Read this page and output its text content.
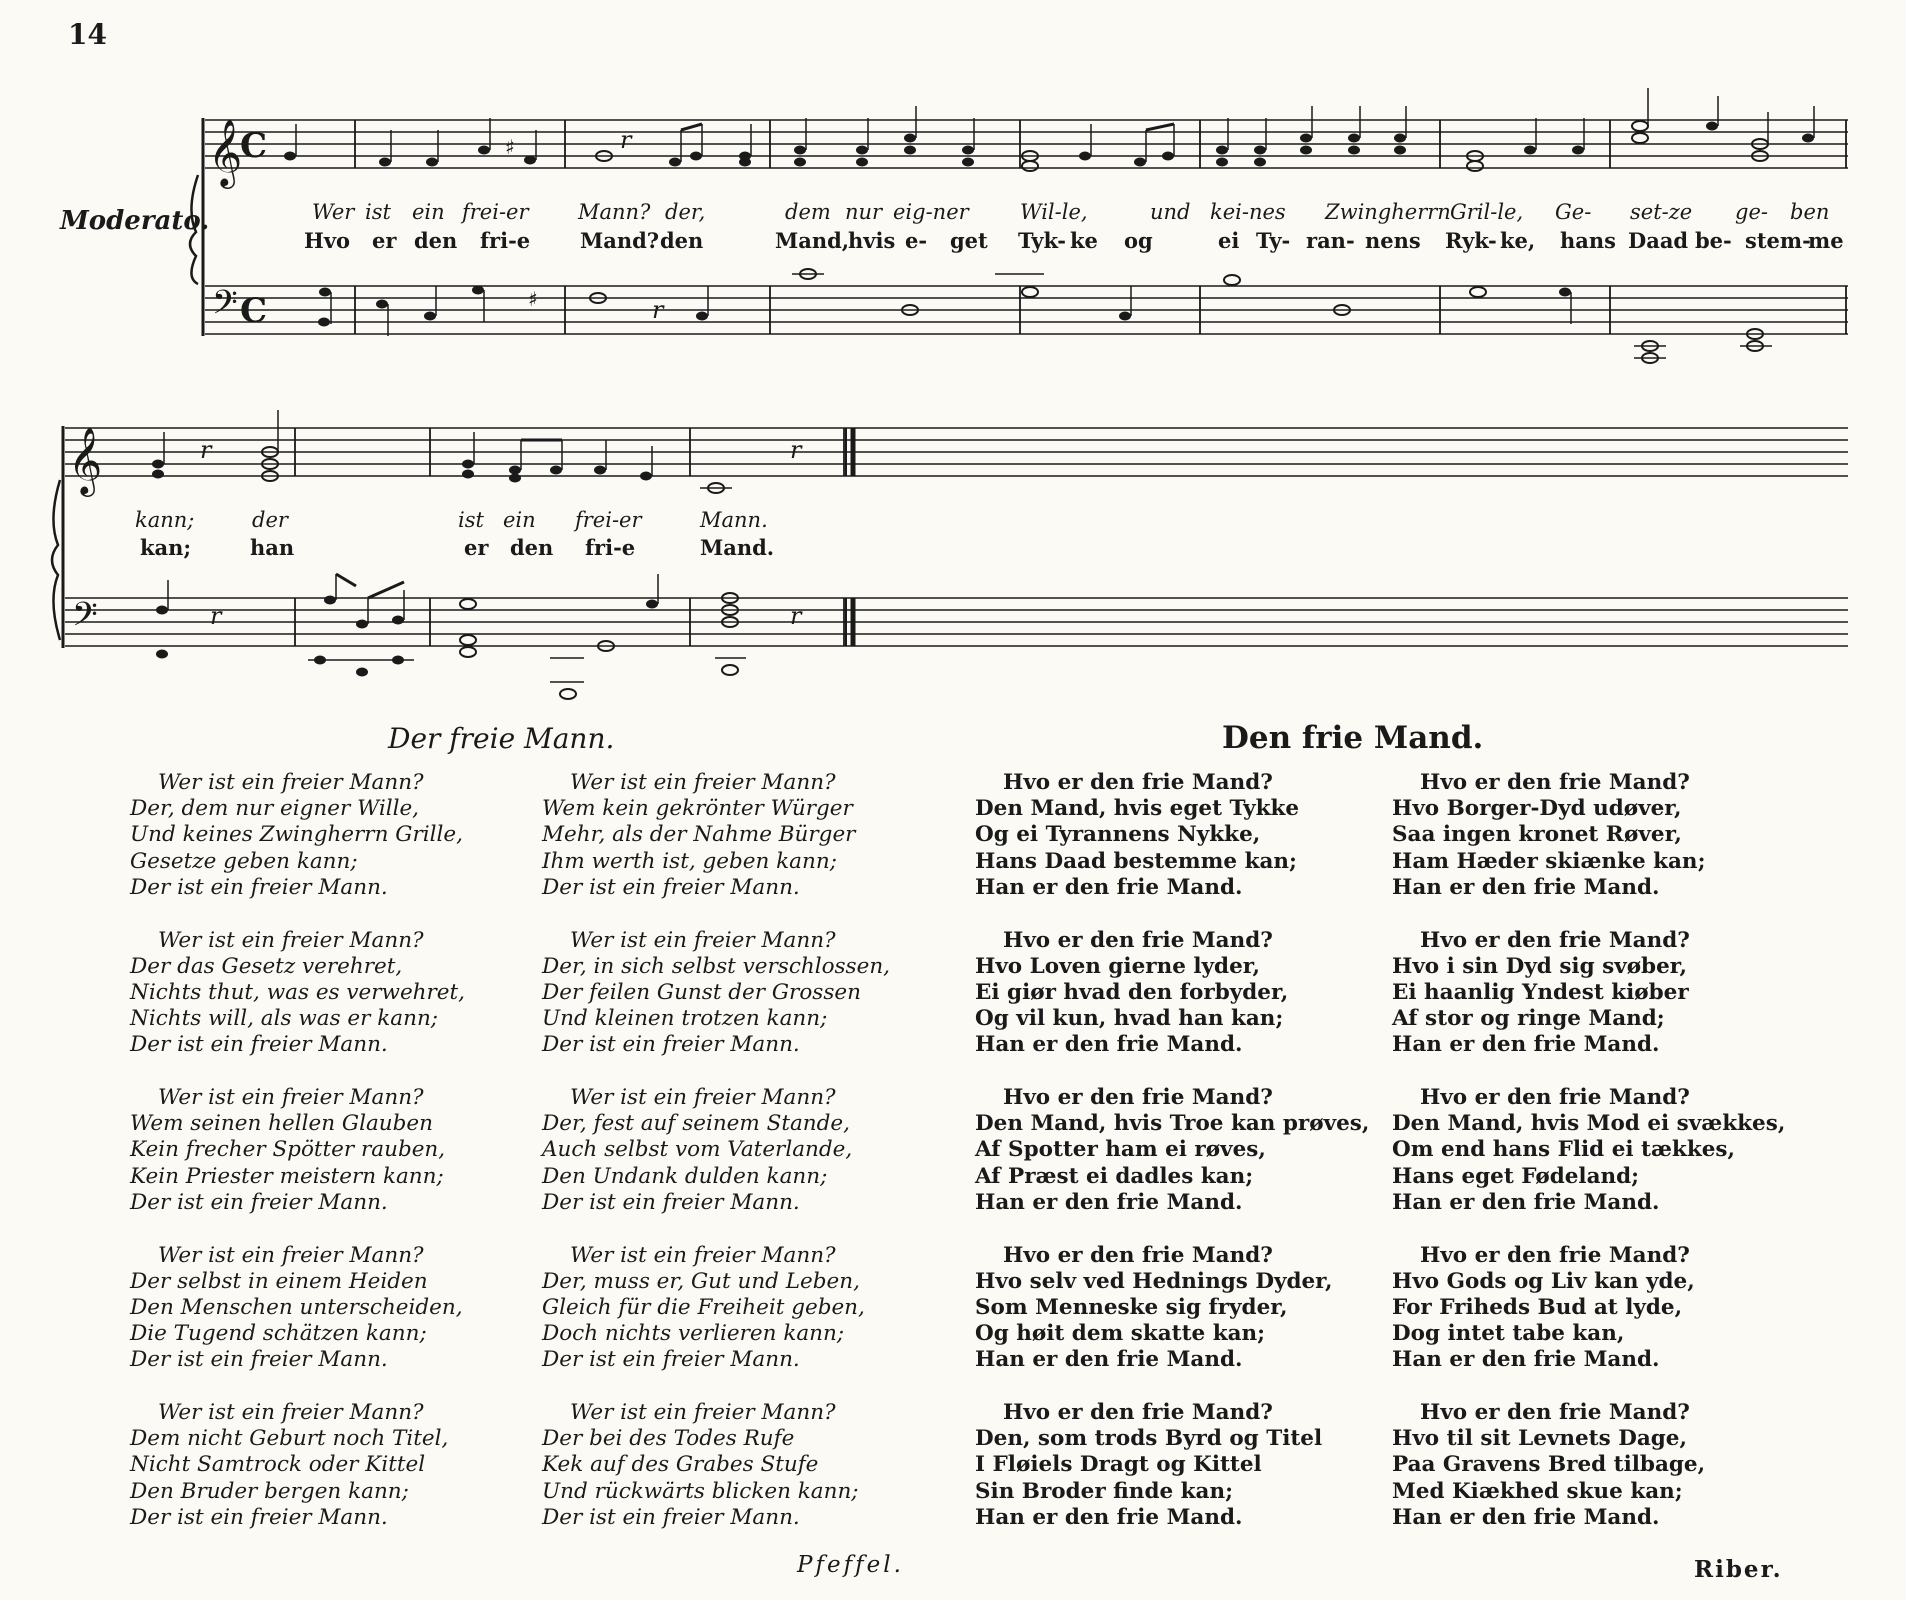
14
Moderato.
𝄞
𝄢
𝄞
𝄢
C
C
♯	r
♯	r
r	r
r	r
Wer ist ein frei-er Mann? der,	dem nur eig-ner Wil-le,	und kei-nes Zwingherrn Gril-le, Ge- set-ze ge- ben
Hvo er den fri-e Mand? den	Mand,
hvis e- get Tyk- ke og	ei Ty- ran- nens Ryk- ke, hans Daad be- stem-
me
kann;	der	ist ein frei-er	Mann.
kan;	han	er den fri-e	Mand.
Der freie Mann.	Den frie Mand.
Wer ist ein freier Mann?
Der, dem nur eigner Wille,
Und keines Zwingherrn Grille,
Gesetze geben kann;
Der ist ein freier Mann.
Wer ist ein freier Mann?
Der das Gesetz verehret,
Nichts thut, was es verwehret,
Nichts will, als was er kann;
Der ist ein freier Mann.
Wer ist ein freier Mann?
Wem seinen hellen Glauben
Kein frecher Spötter rauben,
Kein Priester meistern kann;
Der ist ein freier Mann.
Wer ist ein freier Mann?
Der selbst in einem Heiden
Den Menschen unterscheiden,
Die Tugend schätzen kann;
Der ist ein freier Mann.
Wer ist ein freier Mann?
Dem nicht Geburt noch Titel,
Nicht Samtrock oder Kittel
Den Bruder bergen kann;
Der ist ein freier Mann.
Wer ist ein freier Mann?
Wem kein gekrönter Würger
Mehr, als der Nahme Bürger
Ihm werth ist, geben kann;
Der ist ein freier Mann.
Wer ist ein freier Mann?
Der, in sich selbst verschlossen,
Der feilen Gunst der Grossen
Und kleinen trotzen kann;
Der ist ein freier Mann.
Wer ist ein freier Mann?
Der, fest auf seinem Stande,
Auch selbst vom Vaterlande,
Den Undank dulden kann;
Der ist ein freier Mann.
Wer ist ein freier Mann?
Der, muss er, Gut und Leben,
Gleich für die Freiheit geben,
Doch nichts verlieren kann;
Der ist ein freier Mann.
Wer ist ein freier Mann?
Der bei des Todes Rufe
Kek auf des Grabes Stufe
Und rückwärts blicken kann;
Der ist ein freier Mann.
Hvo er den frie Mand?
Den Mand, hvis eget Tykke
Og ei Tyrannens Nykke,
Hans Daad bestemme kan;
Han er den frie Mand.
Hvo er den frie Mand?
Hvo Loven gierne lyder,
Ei giør hvad den forbyder,
Og vil kun, hvad han kan;
Han er den frie Mand.
Hvo er den frie Mand?
Den Mand, hvis Troe kan prøves,
Af Spotter ham ei røves,
Af Præst ei dadles kan;
Han er den frie Mand.
Hvo er den frie Mand?
Hvo selv ved Hednings Dyder,
Som Menneske sig fryder,
Og høit dem skatte kan;
Han er den frie Mand.
Hvo er den frie Mand?
Den, som trods Byrd og Titel
I Fløiels Dragt og Kittel
Sin Broder finde kan;
Han er den frie Mand.
Hvo er den frie Mand?
Hvo Borger-Dyd udøver,
Saa ingen kronet Røver,
Ham Hæder skiænke kan;
Han er den frie Mand.
Hvo er den frie Mand?
Hvo i sin Dyd sig svøber,
Ei haanlig Yndest kiøber
Af stor og ringe Mand;
Han er den frie Mand.
Hvo er den frie Mand?
Den Mand, hvis Mod ei svækkes,
Om end hans Flid ei tækkes,
Hans eget Fødeland;
Han er den frie Mand.
Hvo er den frie Mand?
Hvo Gods og Liv kan yde,
For Friheds Bud at lyde,
Dog intet tabe kan,
Han er den frie Mand.
Hvo er den frie Mand?
Hvo til sit Levnets Dage,
Paa Gravens Bred tilbage,
Med Kiækhed skue kan;
Han er den frie Mand.
Pfeffel.	Riber.
